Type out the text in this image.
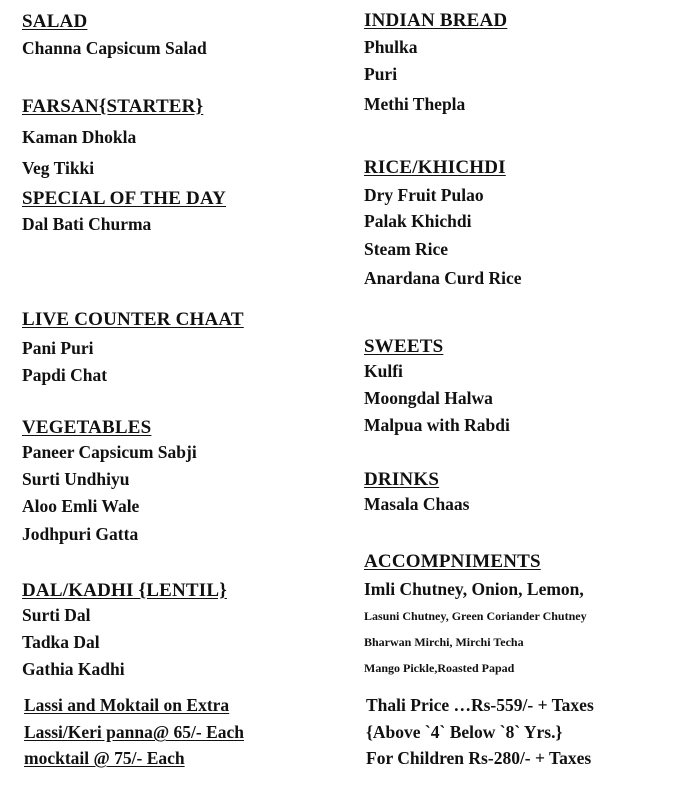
SALAD
Channa Capsicum Salad
FARSAN{STARTER}
Kaman Dhokla
Veg Tikki
SPECIAL OF THE DAY
Dal Bati Churma
LIVE COUNTER CHAAT
Pani Puri
Papdi Chat
VEGETABLES
Paneer Capsicum Sabji
Surti Undhiyu
Aloo Emli Wale
Jodhpuri Gatta
DAL/KADHI {LENTIL}
Surti Dal
Tadka Dal
Gathia Kadhi
Lassi and Moktail on Extra
Lassi/Keri panna@ 65/- Each
mocktail @ 75/- Each
INDIAN BREAD
Phulka
Puri
Methi Thepla
RICE/KHICHDI
Dry Fruit Pulao
Palak Khichdi
Steam Rice
Anardana Curd Rice
SWEETS
Kulfi
Moongdal Halwa
Malpua with Rabdi
DRINKS
Masala Chaas
ACCOMPNIMENTS
Imli Chutney, Onion, Lemon,
Lasuni Chutney, Green Coriander Chutney
Bharwan Mirchi, Mirchi Techa
Mango Pickle,Roasted Papad
Thali Price …Rs-559/- + Taxes
{Above `4` Below `8` Yrs.}
For Children Rs-280/- + Taxes
